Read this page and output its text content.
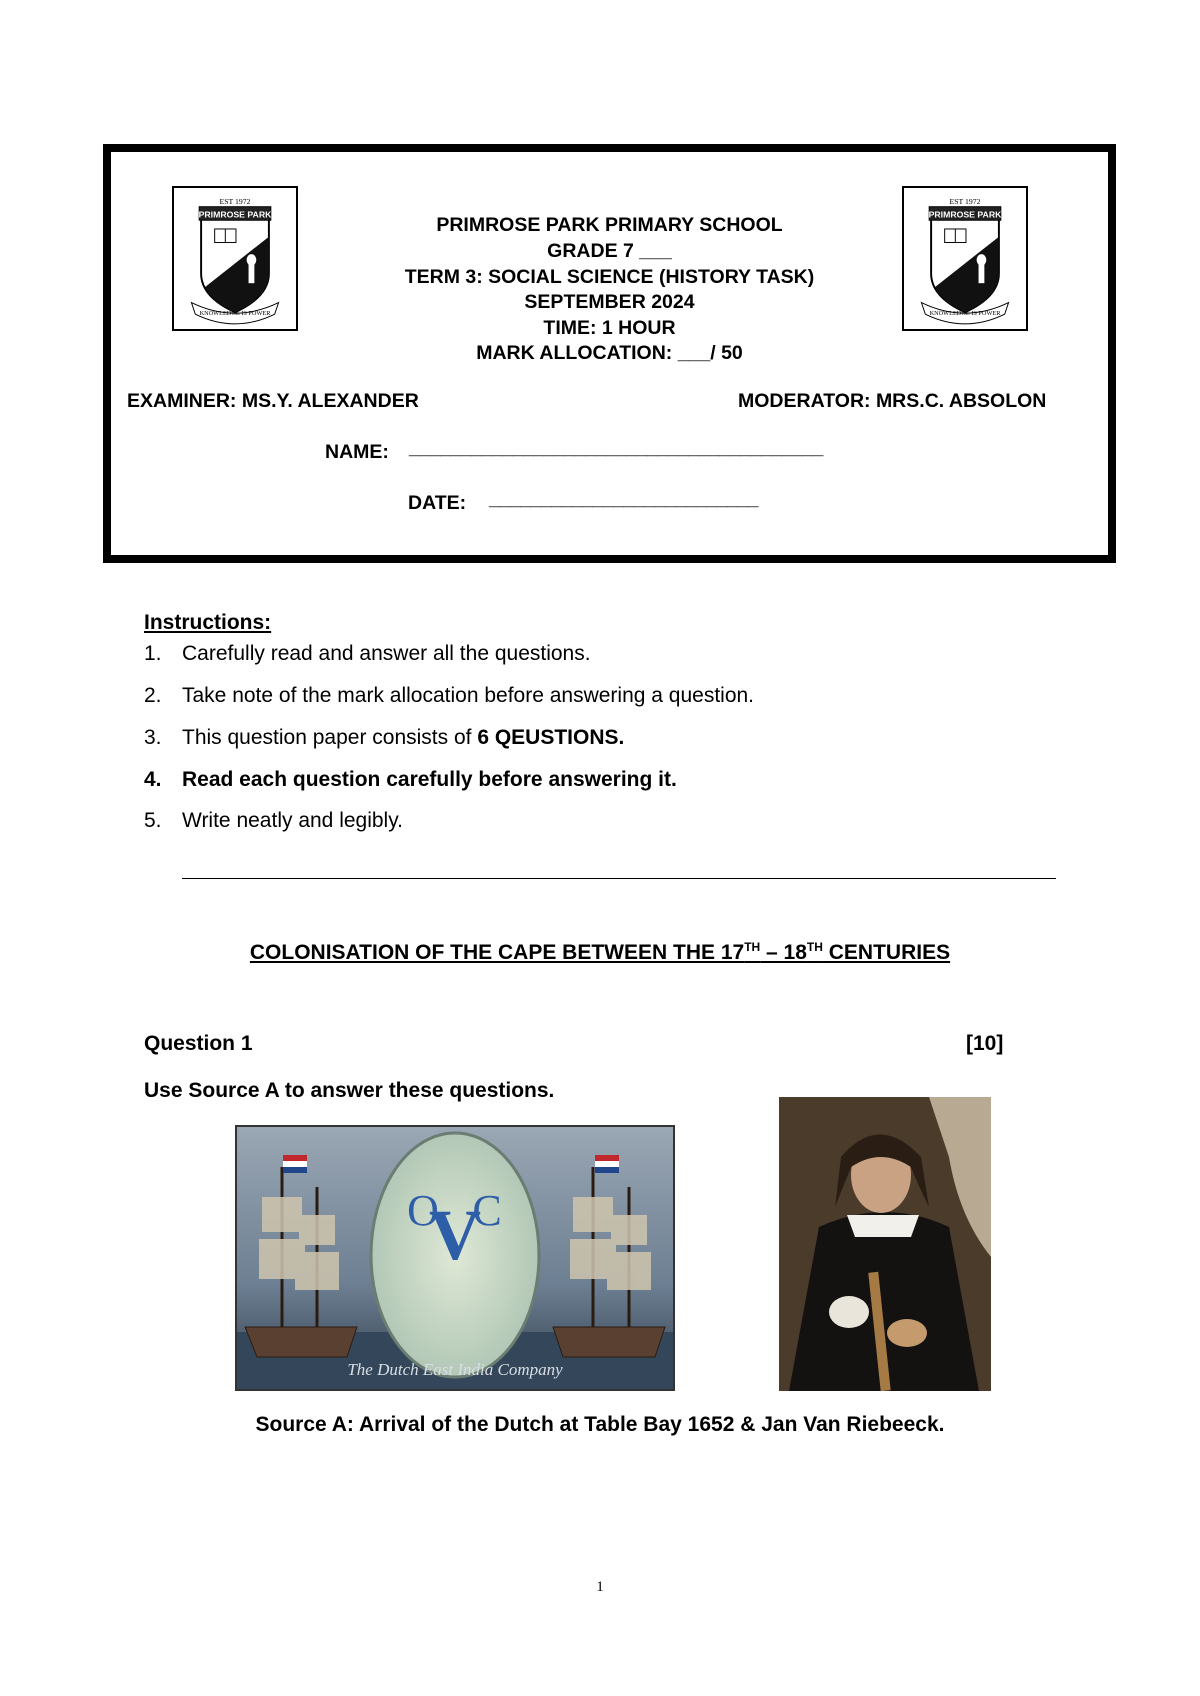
EST 1972
PRIMROSE PARK
KNOWLEDGE IS POWER
EST 1972
PRIMROSE PARK
KNOWLEDGE IS POWER
PRIMROSE PARK PRIMARY SCHOOL
GRADE 7 ___
TERM 3: SOCIAL SCIENCE (HISTORY TASK)
SEPTEMBER 2024
TIME: 1 HOUR
MARK ALLOCATION: ___/ 50
EXAMINER: MS.Y. ALEXANDER	MODERATOR: MRS.C. ABSOLON
NAME: ________________________________________
DATE: __________________________
Instructions:
1. Carefully read and answer all the questions.
2. Take note of the mark allocation before answering a question.
3. This question paper consists of 6 QEUSTIONS.
4. Read each question carefully before answering it.
5. Write neatly and legibly.
COLONISATION OF THE CAPE BETWEEN THE 17TH – 18TH CENTURIES
Question 1	[10]
Use Source A to answer these questions.
V
O C
The Dutch East India Company
Source A: Arrival of the Dutch at Table Bay 1652 & Jan Van Riebeeck.
1
